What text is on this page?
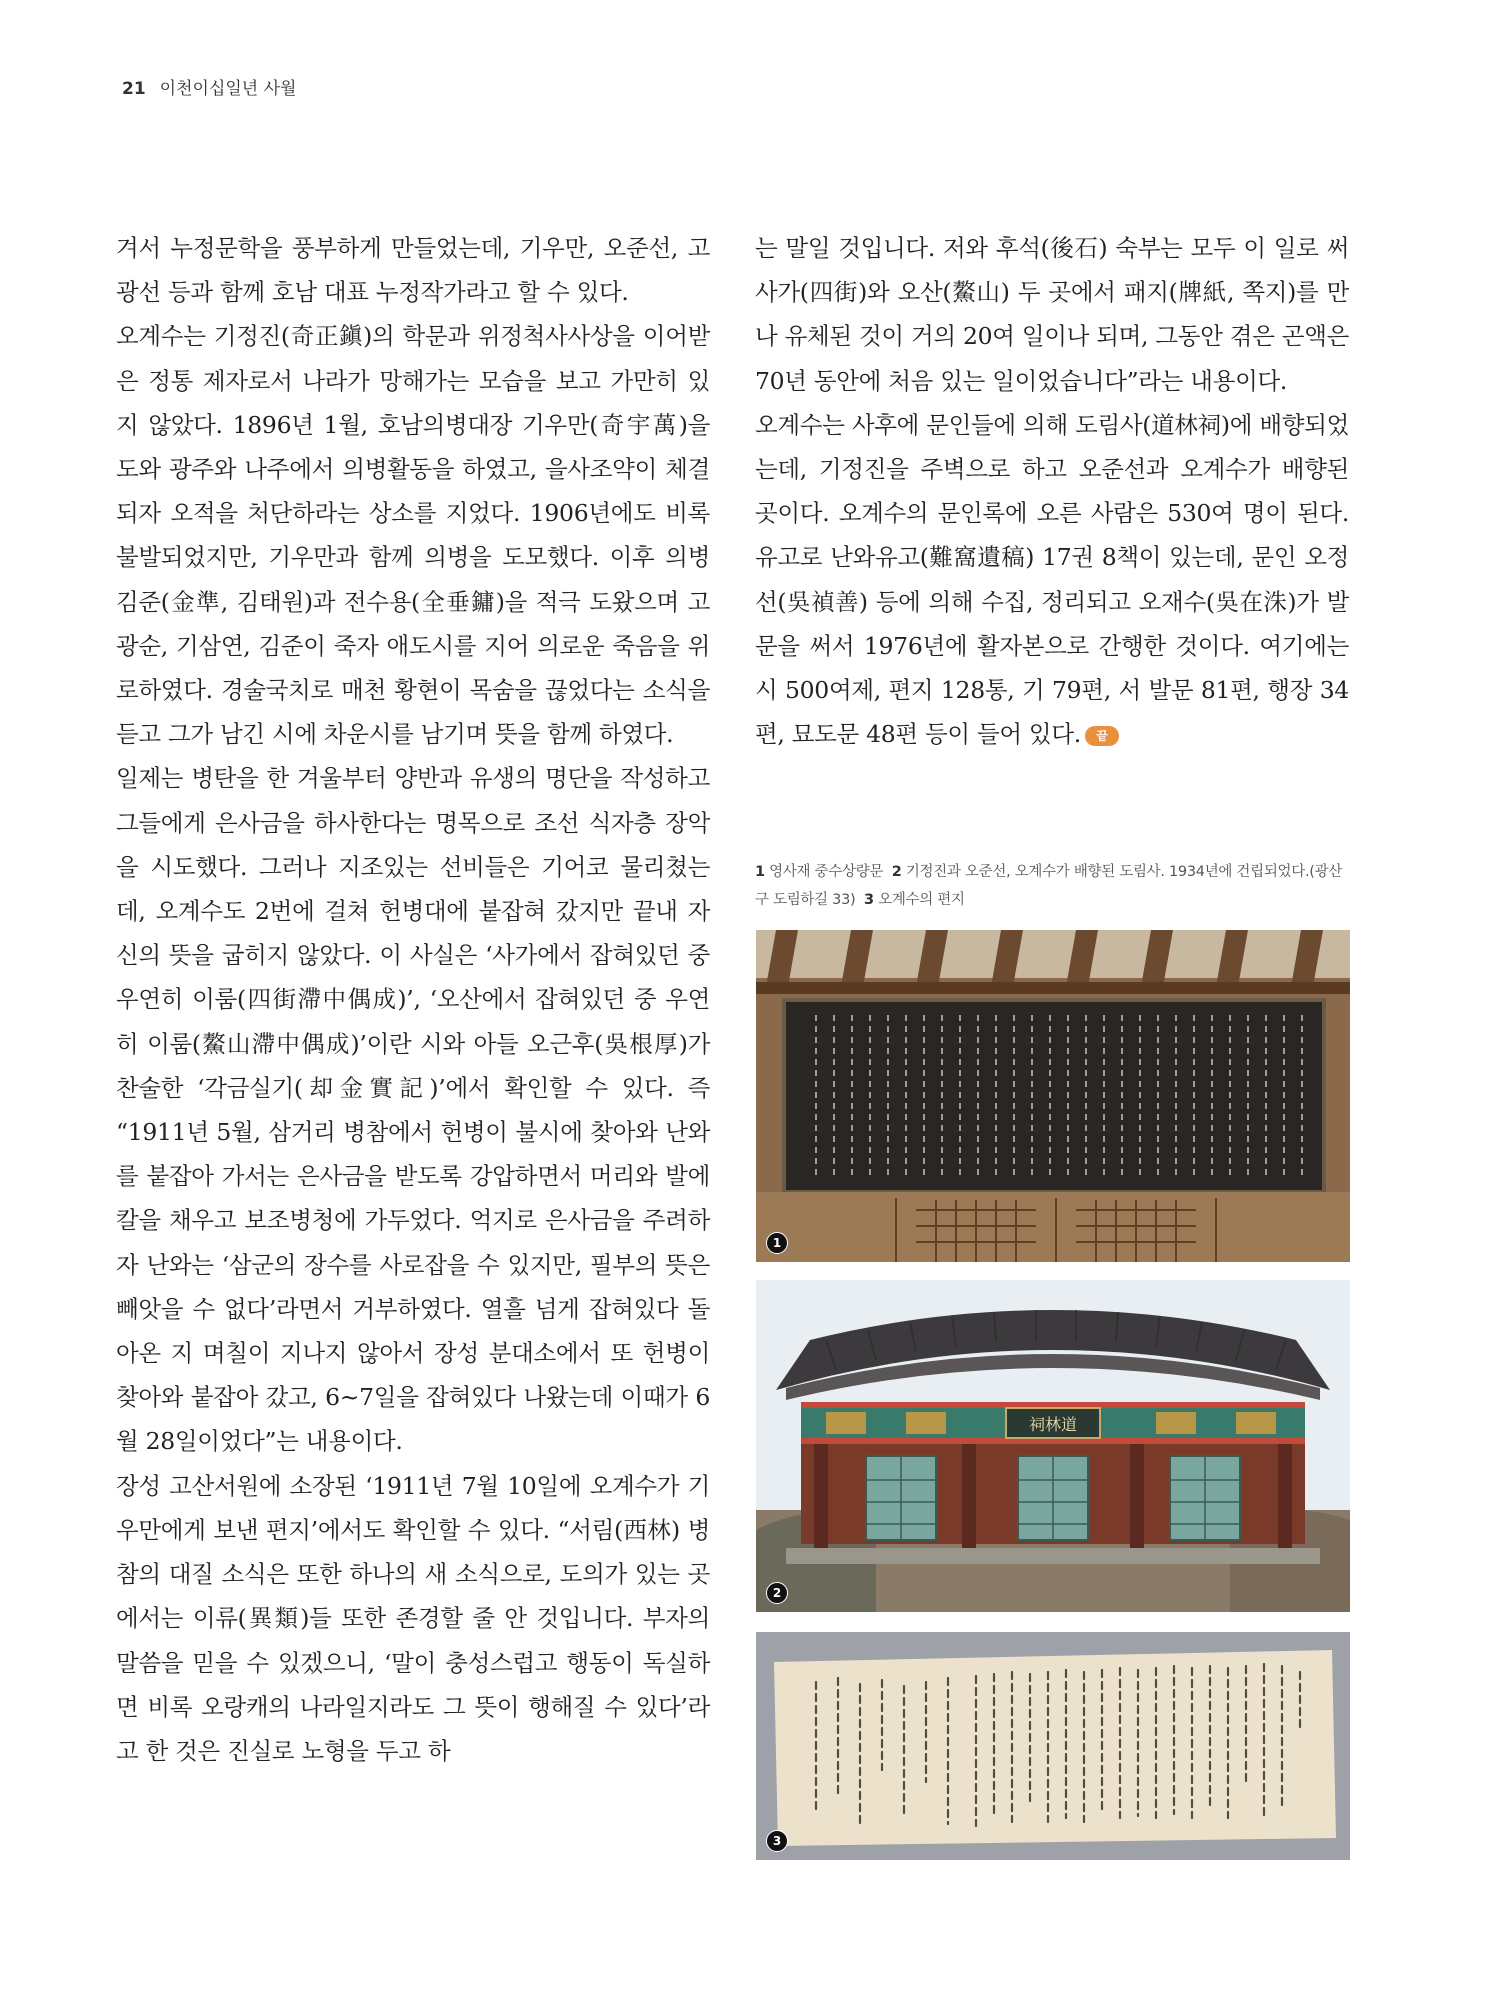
21 이천이십일년 사월

겨서 누정문학을 풍부하게 만들었는데, 기우만, 오준선, 고광선 등과 함께 호남 대표 누정작가라고 할 수 있다.

오계수는 기정진(奇正鎭)의 학문과 위정척사사상을 이어받은 정통 제자로서 나라가 망해가는 모습을 보고 가만히 있지 않았다. 1896년 1월, 호남의병대장 기우만(奇宇萬)을 도와 광주와 나주에서 의병활동을 하였고, 을사조약이 체결되자 오적을 처단하라는 상소를 지었다. 1906년에도 비록 불발되었지만, 기우만과 함께 의병을 도모했다. 이후 의병 김준(金準, 김태원)과 전수용(全垂鏞)을 적극 도왔으며 고광순, 기삼연, 김준이 죽자 애도시를 지어 의로운 죽음을 위로하였다. 경술국치로 매천 황현이 목숨을 끊었다는 소식을 듣고 그가 남긴 시에 차운시를 남기며 뜻을 함께 하였다.

일제는 병탄을 한 겨울부터 양반과 유생의 명단을 작성하고 그들에게 은사금을 하사한다는 명목으로 조선 식자층 장악을 시도했다. 그러나 지조있는 선비들은 기어코 물리쳤는데, 오계수도 2번에 걸쳐 헌병대에 붙잡혀 갔지만 끝내 자신의 뜻을 굽히지 않았다. 이 사실은 ‘사가에서 잡혀있던 중 우연히 이룸(四街滯中偶成)’, ‘오산에서 잡혀있던 중 우연히 이룸(鰲山滯中偶成)’이란 시와 아들 오근후(吳根厚)가 찬술한 ‘각금실기(却金實記)’에서 확인할 수 있다. 즉 “1911년 5월, 삼거리 병참에서 헌병이 불시에 찾아와 난와를 붙잡아 가서는 은사금을 받도록 강압하면서 머리와 발에 칼을 채우고 보조병청에 가두었다. 억지로 은사금을 주려하자 난와는 ‘삼군의 장수를 사로잡을 수 있지만, 필부의 뜻은 빼앗을 수 없다’라면서 거부하였다. 열흘 넘게 잡혀있다 돌아온 지 며칠이 지나지 않아서 장성 분대소에서 또 헌병이 찾아와 붙잡아 갔고, 6~7일을 잡혀있다 나왔는데 이때가 6월 28일이었다”는 내용이다.

장성 고산서원에 소장된 ‘1911년 7월 10일에 오계수가 기우만에게 보낸 편지’에서도 확인할 수 있다. “서림(西林) 병참의 대질 소식은 또한 하나의 새 소식으로, 도의가 있는 곳에서는 이류(異類)들 또한 존경할 줄 안 것입니다. 부자의 말씀을 믿을 수 있겠으니, ‘말이 충성스럽고 행동이 독실하면 비록 오랑캐의 나라일지라도 그 뜻이 행해질 수 있다’라고 한 것은 진실로 노형을 두고 하

는 말일 것입니다. 저와 후석(後石) 숙부는 모두 이 일로 써 사가(四街)와 오산(鰲山) 두 곳에서 패지(牌紙, 쪽지)를 만나 유체된 것이 거의 20여 일이나 되며, 그동안 겪은 곤액은 70년 동안에 처음 있는 일이었습니다”라는 내용이다.

오계수는 사후에 문인들에 의해 도림사(道林祠)에 배향되었는데, 기정진을 주벽으로 하고 오준선과 오계수가 배향된 곳이다. 오계수의 문인록에 오른 사람은 530여 명이 된다. 유고로 난와유고(難窩遺稿) 17권 8책이 있는데, 문인 오정선(吳禎善) 등에 의해 수집, 정리되고 오재수(吳在洙)가 발문을 써서 1976년에 활자본으로 간행한 것이다. 여기에는 시 500여제, 편지 128통, 기 79편, 서 발문 81편, 행장 34편, 묘도문 48편 등이 들어 있다. 끝

1 영사재 중수상량문 2 기정진과 오준선, 오계수가 배향된 도림사. 1934년에 건립되었다.(광산구 도림하길 33) 3 오계수의 편지
1
祠林道
2
3
